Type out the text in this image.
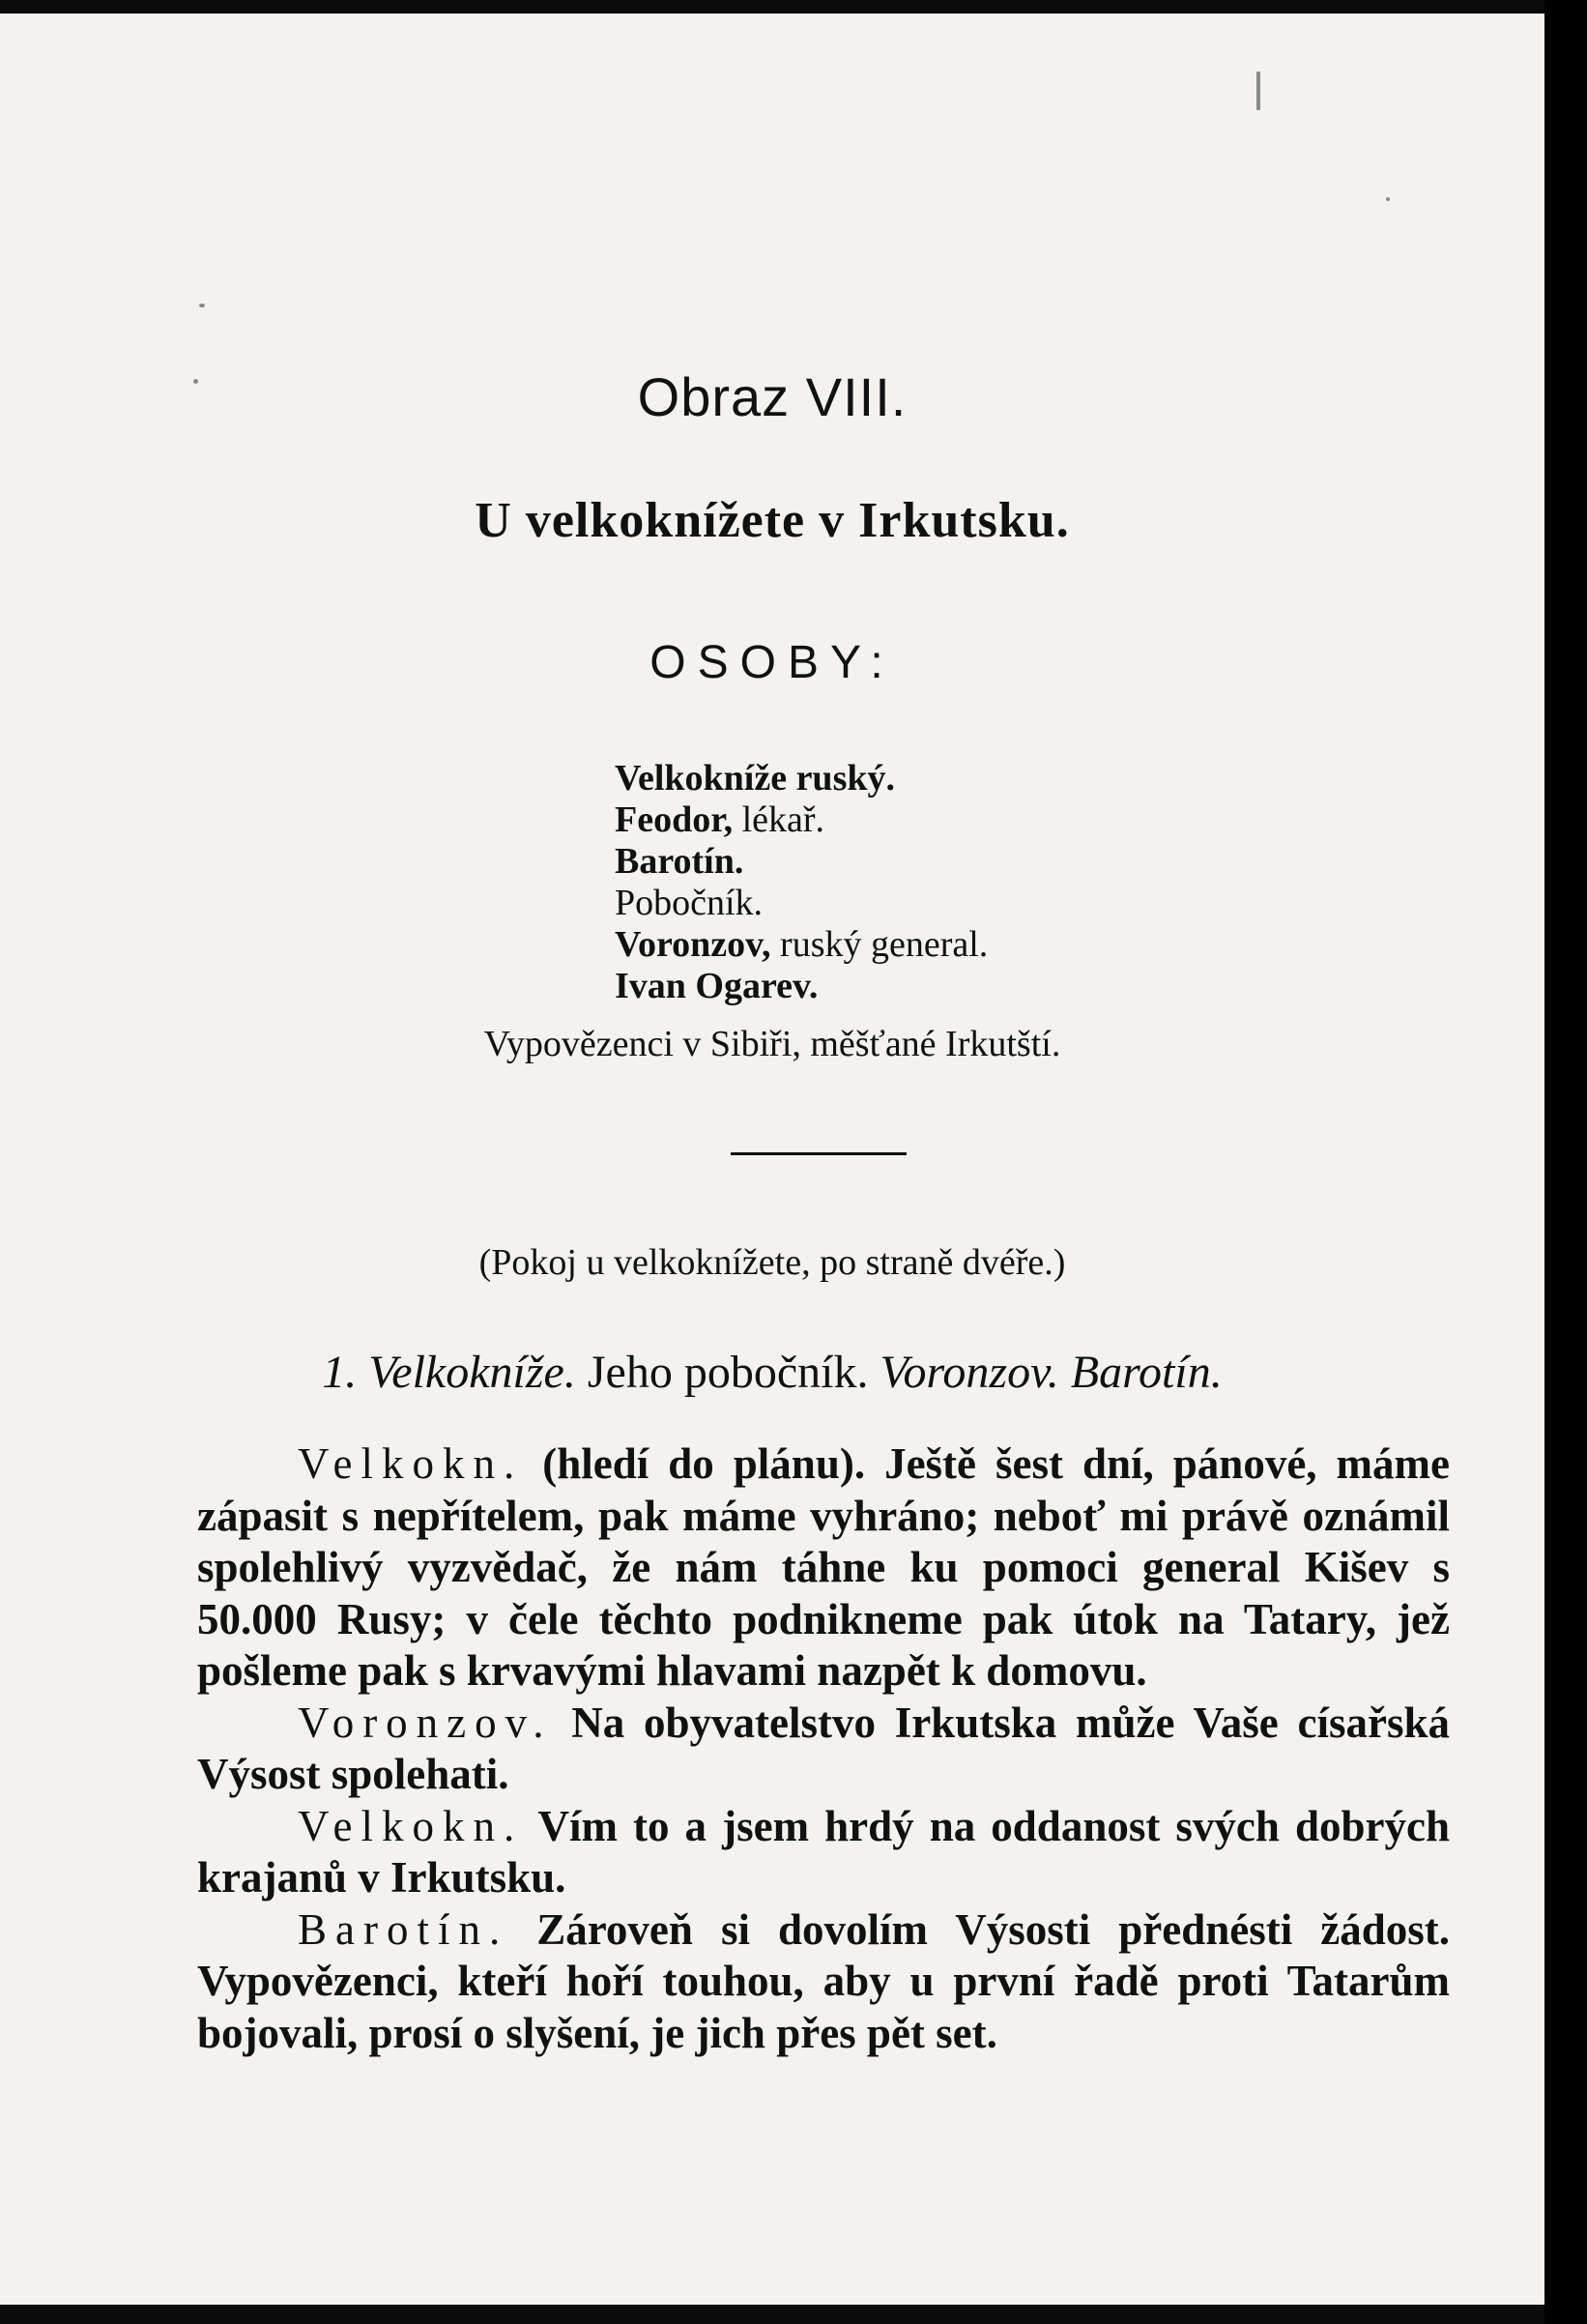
Obraz VIII.
U velkoknížete v Irkutsku.
OSOBY:
Velkokníže ruský.
Feodor, lékař.
Barotín.
Pobočník.
Voronzov, ruský general.
Ivan Ogarev.
Vypovězenci v Sibiři, měšťané Irkutští.
(Pokoj u velkoknížete, po straně dvéře.)
1. Velkokníže. Jeho pobočník. Voronzov. Barotín.

Velkokn. (hledí do plánu). Ještě šest dní, pánové, máme zápasit s nepřítelem, pak máme vyhráno; neboť mi právě oznámil spolehlivý vyzvědač, že nám táhne ku pomoci general Kišev s 50.000 Rusy; v čele těchto podnikneme pak útok na Tatary, jež pošleme pak s krvavými hlavami nazpět k domovu.

Voronzov. Na obyvatelstvo Irkutska může Vaše císařská Výsost spolehati.

Velkokn. Vím to a jsem hrdý na oddanost svých dobrých krajanů v Irkutsku.

Barotín. Zároveň si dovolím Výsosti přednésti žádost. Vypovězenci, kteří hoří touhou, aby u první řadě proti Tatarům bojovali, prosí o slyšení, je jich přes pět set.
